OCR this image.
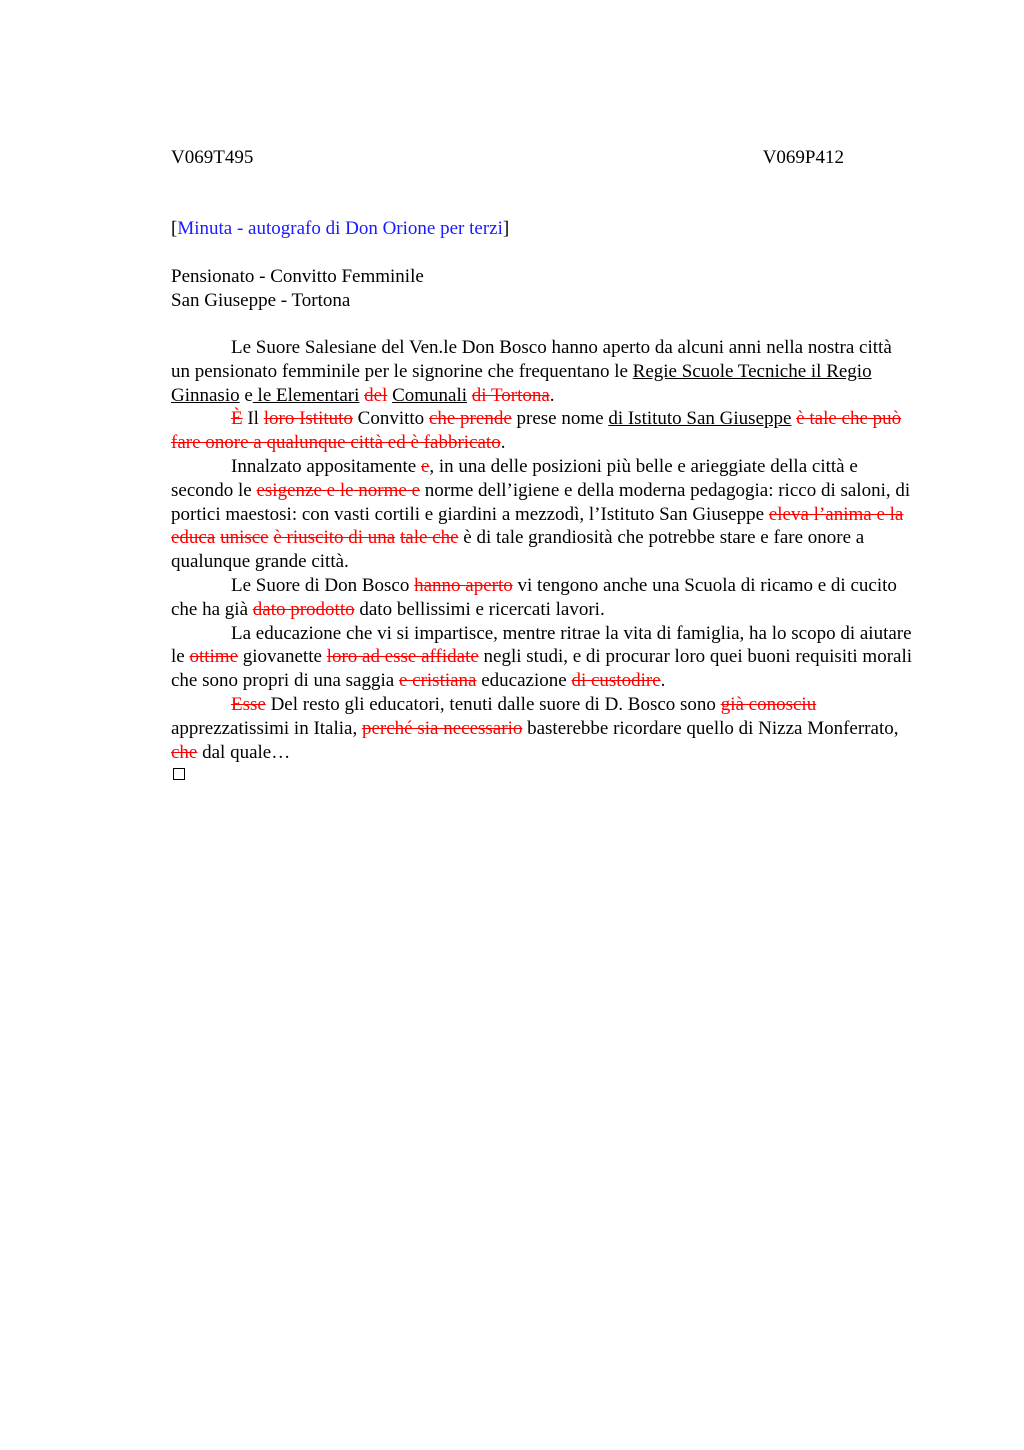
V069T495	V069P412
[Minuta - autografo di Don Orione per terzi]
Pensionato - Convitto Femminile
San Giuseppe - Tortona

Le Suore Salesiane del Ven.le Don Bosco hanno aperto da alcuni anni nella nostra città un pensionato femminile per le signorine che frequentano le Regie Scuole Tecniche il Regio Ginnasio e le Elementari del Comunali di Tortona.

È Il loro Istituto Convitto che prende prese nome di Istituto San Giuseppe è tale che può fare onore a qualunque città ed è fabbricato.

Innalzato appositamente e, in una delle posizioni più belle e arieggiate della città e secondo le esigenze e le norme e norme dell’igiene e della moderna pedagogia: ricco di saloni, di portici maestosi: con vasti cortili e giardini a mezzodì, l’Istituto San Giuseppe eleva l’anima e la educa unisce è riuscito di una tale che è di tale grandiosità che potrebbe stare e fare onore a qualunque grande città.

Le Suore di Don Bosco hanno aperto vi tengono anche una Scuola di ricamo e di cucito che ha già dato prodotto dato bellissimi e ricercati lavori.

La educazione che vi si impartisce, mentre ritrae la vita di famiglia, ha lo scopo di aiutare le ottime giovanette loro ad esse affidate negli studi, e di procurar loro quei buoni requisiti morali che sono propri di una saggia e cristiana educazione di custodire.

Esse Del resto gli educatori, tenuti dalle suore di D. Bosco sono già conosciu apprezzatissimi in Italia, perché sia necessario basterebbe ricordare quello di Nizza Monferrato, che dal quale…
